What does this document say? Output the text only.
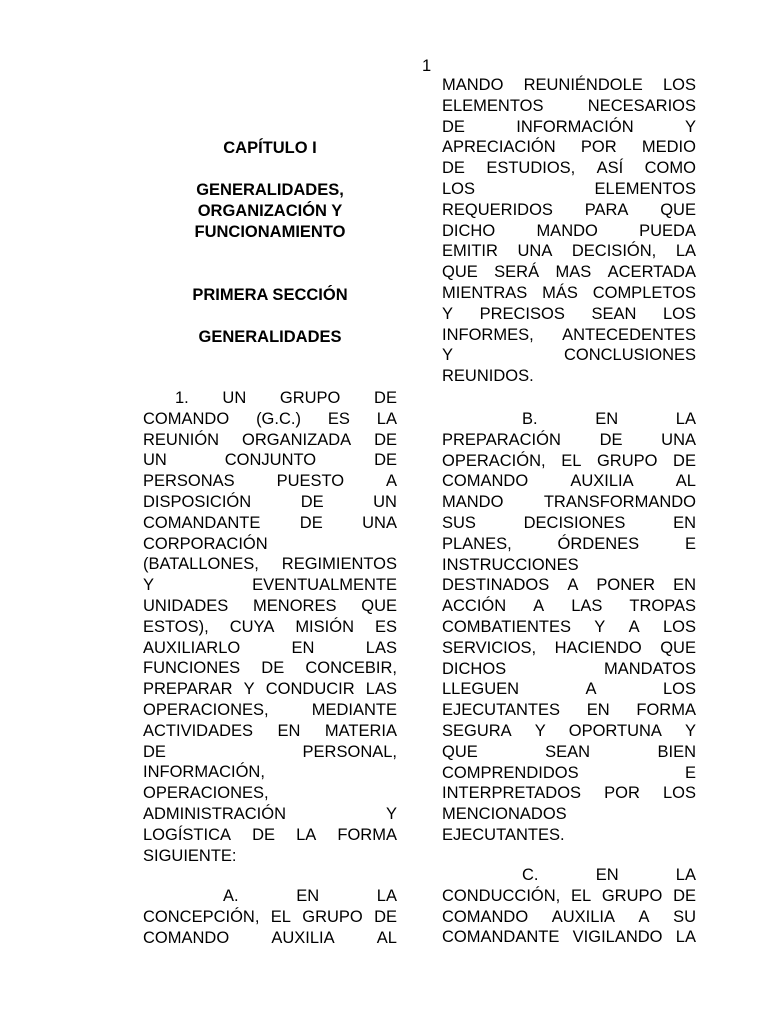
1
CAPÍTULO I
GENERALIDADES,
ORGANIZACIÓN Y
FUNCIONAMIENTO
PRIMERA SECCIÓN
GENERALIDADES
1. UN GRUPO DE
COMANDO (G.C.) ES LA
REUNIÓN ORGANIZADA DE
UN	CONJUNTO	DE
PERSONAS	PUESTO	A
DISPOSICIÓN	DE	UN
COMANDANTE DE UNA
CORPORACIÓN
(BATALLONES, REGIMIENTOS
Y	EVENTUALMENTE
UNIDADES MENORES QUE
ESTOS), CUYA MISIÓN ES
AUXILIARLO	EN	LAS
FUNCIONES DE CONCEBIR,
PREPARAR Y CONDUCIR LAS
OPERACIONES,	MEDIANTE
ACTIVIDADES EN MATERIA
DE	PERSONAL,
INFORMACIÓN,
OPERACIONES,
ADMINISTRACIÓN	Y
LOGÍSTICA DE LA FORMA
SIGUIENTE:
A.	EN	LA
CONCEPCIÓN, EL GRUPO DE
COMANDO	AUXILIA	AL
MANDO REUNIÉNDOLE LOS
ELEMENTOS	NECESARIOS
DE	INFORMACIÓN	Y
APRECIACIÓN POR MEDIO
DE ESTUDIOS, ASÍ COMO
LOS	ELEMENTOS
REQUERIDOS PARA QUE
DICHO	MANDO	PUEDA
EMITIR UNA DECISIÓN, LA
QUE SERÁ MAS ACERTADA
MIENTRAS MÁS COMPLETOS
Y PRECISOS SEAN LOS
INFORMES, ANTECEDENTES
Y	CONCLUSIONES
REUNIDOS.
B.	EN	LA
PREPARACIÓN DE UNA
OPERACIÓN, EL GRUPO DE
COMANDO	AUXILIA	AL
MANDO TRANSFORMANDO
SUS	DECISIONES	EN
PLANES,	ÓRDENES	E
INSTRUCCIONES
DESTINADOS A PONER EN
ACCIÓN A LAS TROPAS
COMBATIENTES Y A LOS
SERVICIOS, HACIENDO QUE
DICHOS	MANDATOS
LLEGUEN	A	LOS
EJECUTANTES EN FORMA
SEGURA Y OPORTUNA Y
QUE	SEAN	BIEN
COMPRENDIDOS	E
INTERPRETADOS POR LOS
MENCIONADOS
EJECUTANTES.
C.	EN	LA
CONDUCCIÓN, EL GRUPO DE
COMANDO AUXILIA A SU
COMANDANTE VIGILANDO LA
